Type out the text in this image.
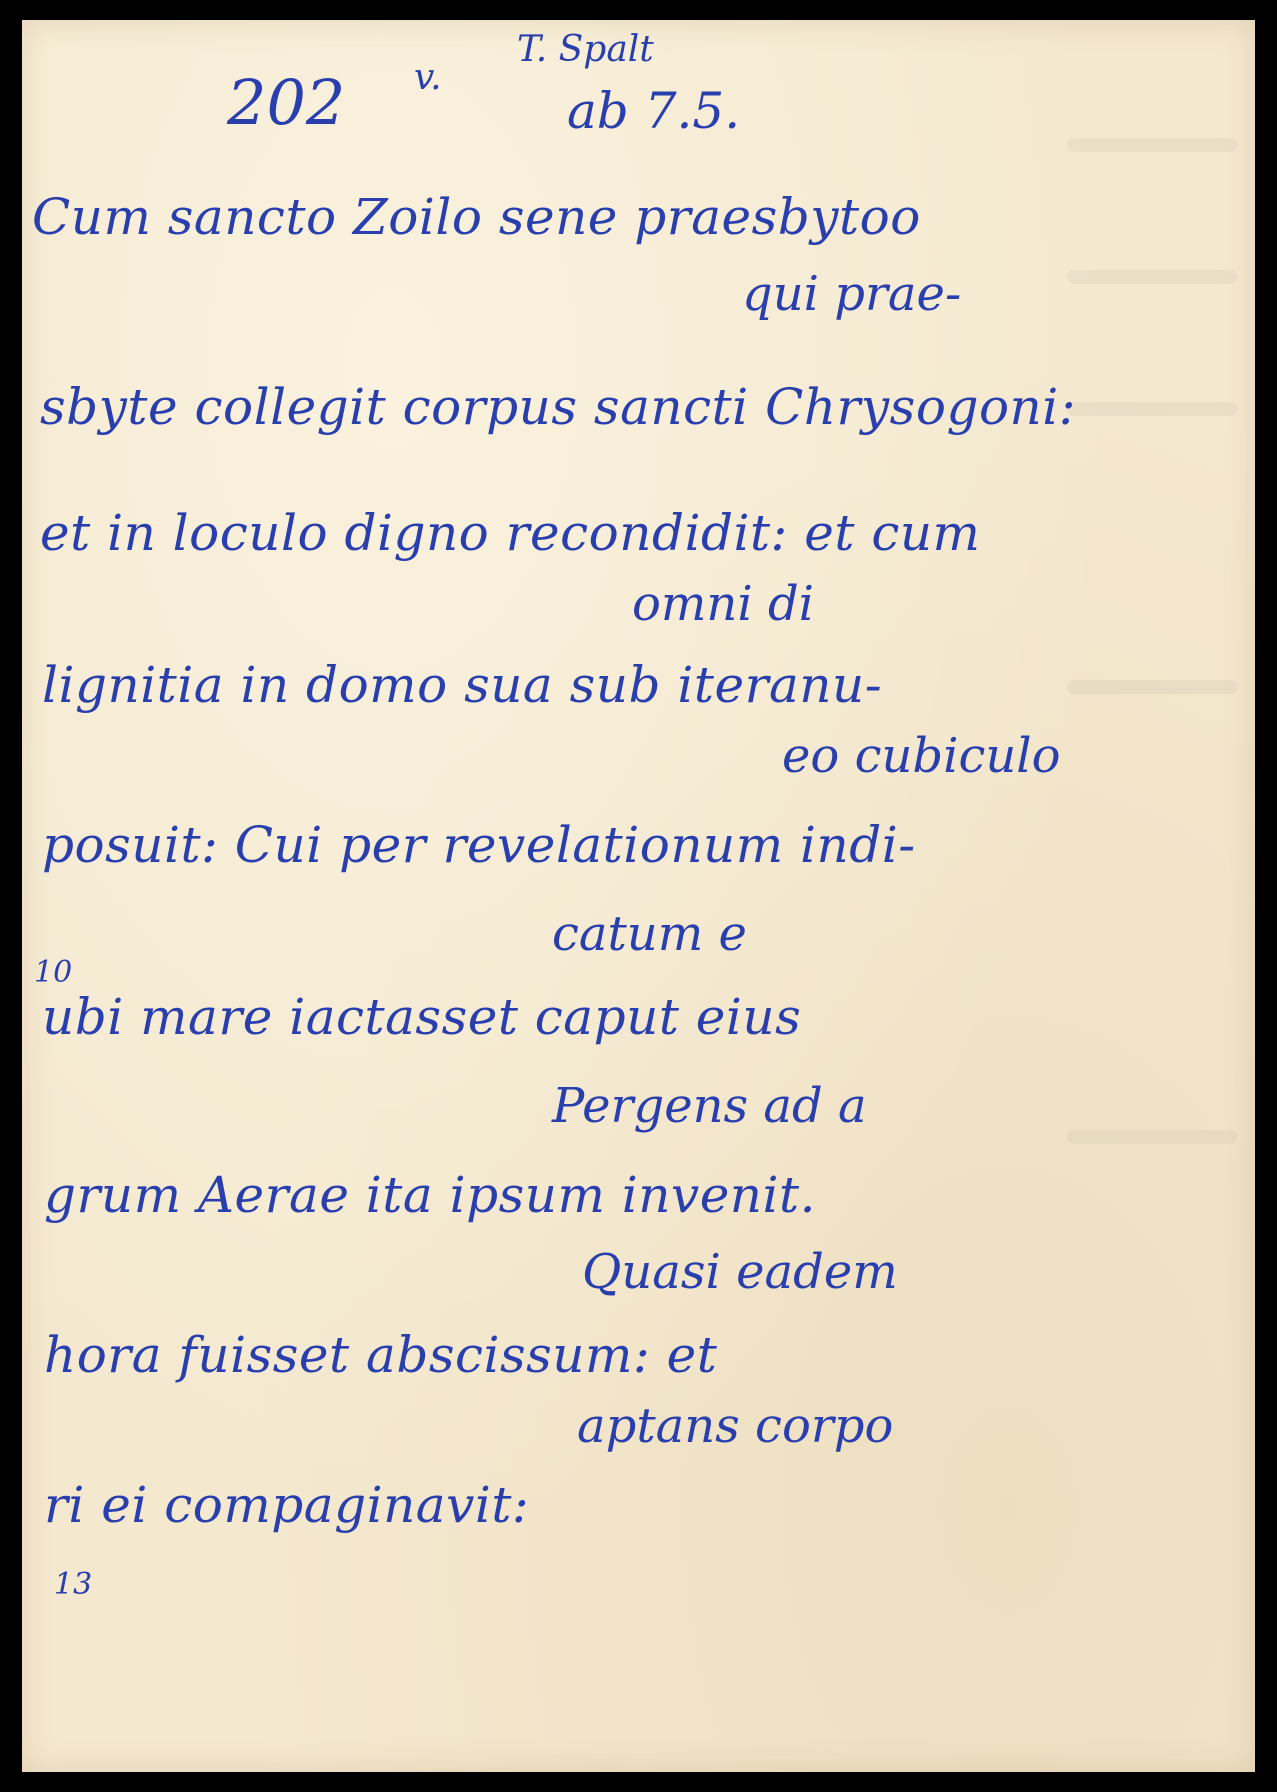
202 v.
T. Spalt
ab 7.5.
Cum sancto Zoilo sene praesbytoo
qui prae-
sbyte collegit corpus sancti Chrysogoni:
et in loculo digno recondidit: et cum
omni di
lignitia in domo sua sub iteranu-
eo cubiculo
posuit: Cui per revelationum indi-
catum e
10
ubi mare iactasset caput eius
Pergens ad a
grum Aerae ita ipsum invenit.
Quasi eadem
hora fuisset abscissum: et
aptans corpo
ri ei compaginavit:
13
